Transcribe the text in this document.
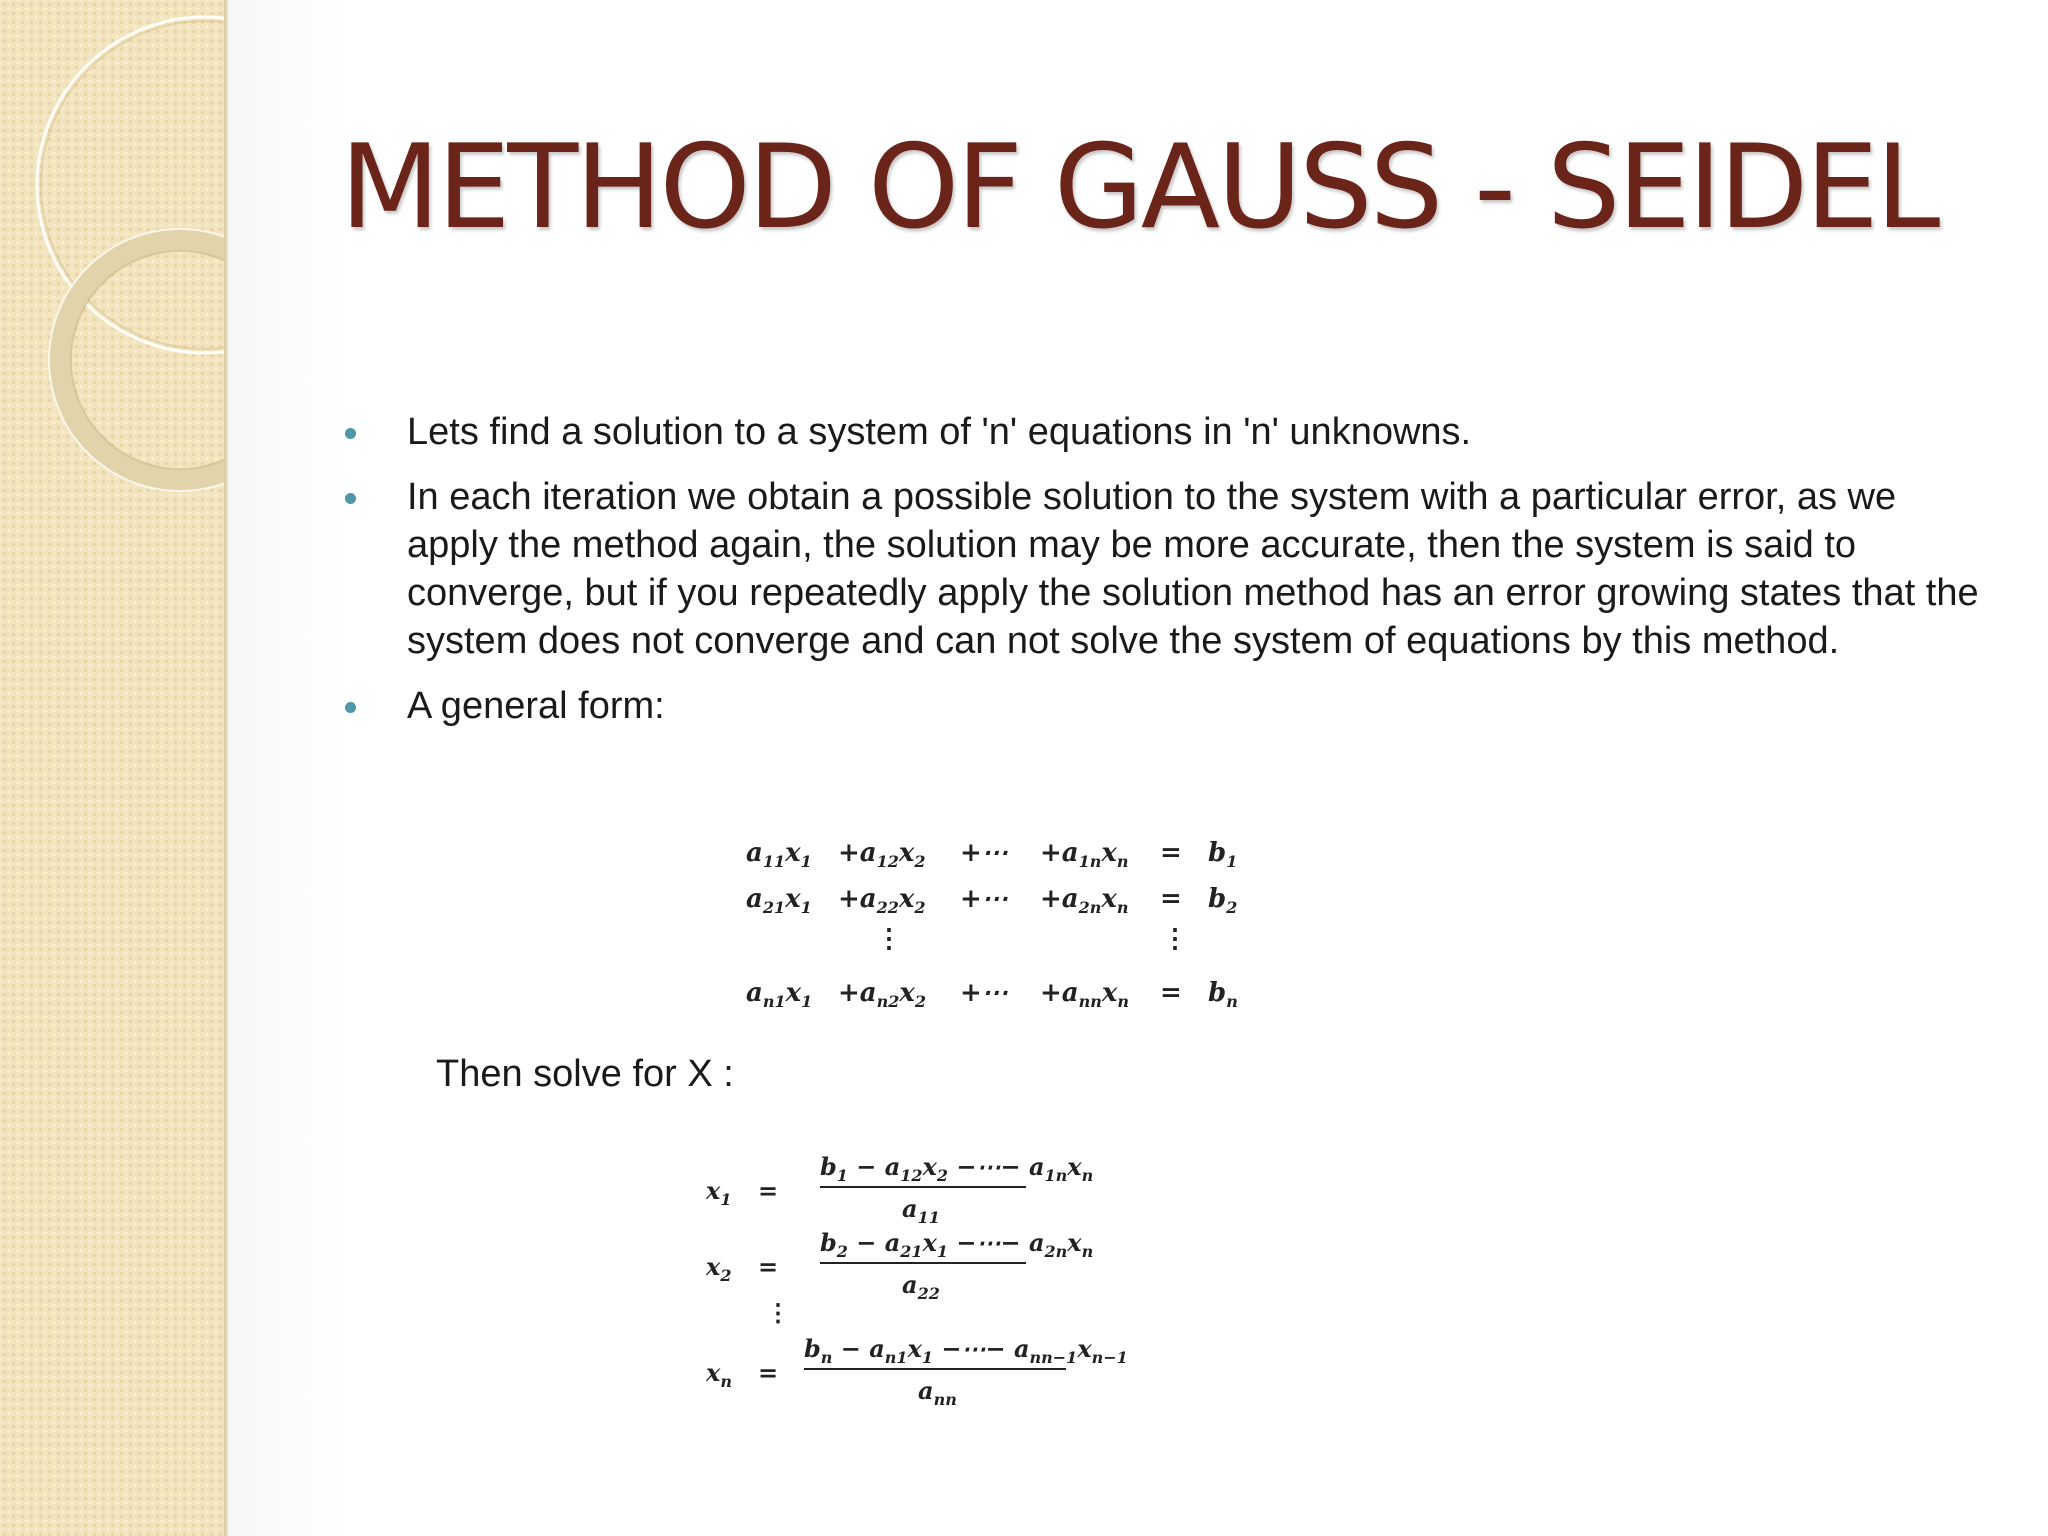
METHOD OF GAUSS - SEIDEL
Lets find a solution to a system of 'n' equations in 'n' unknowns.
In each iteration we obtain a possible solution to the system with a particular error, as we apply the method again, the solution may be more accurate, then the system is said to converge, but if you repeatedly apply the solution method has an error growing states that the system does not converge and can not solve the system of equations by this method.
A general form:
$a_{11}x_1 +a_{12}x_2$ +⋯ $+a_{1n}x_n = b_1$
$a_{21}x_1 +a_{22}x_2$ +⋯ $+a_{2n}x_n = b_2$
⋮	⋮
$a_{n1}x_1 +a_{n2}x_2$ +⋯ $+a_{nn}x_n = b_n$
Then solve for X :
$x_1$ =
$b_1 - a_{12}x_2$ −⋯− $a_{1n}x_n$
$a_{11}$
$x_2$ =
$b_2 - a_{21}x_1$ −⋯− $a_{2n}x_n$
$a_{22}$
⋮
$x_n$ =
$b_n - a_{n1}x_1$ −⋯− $a_{nn-1}x_{n-1}$
$a_{nn}$
